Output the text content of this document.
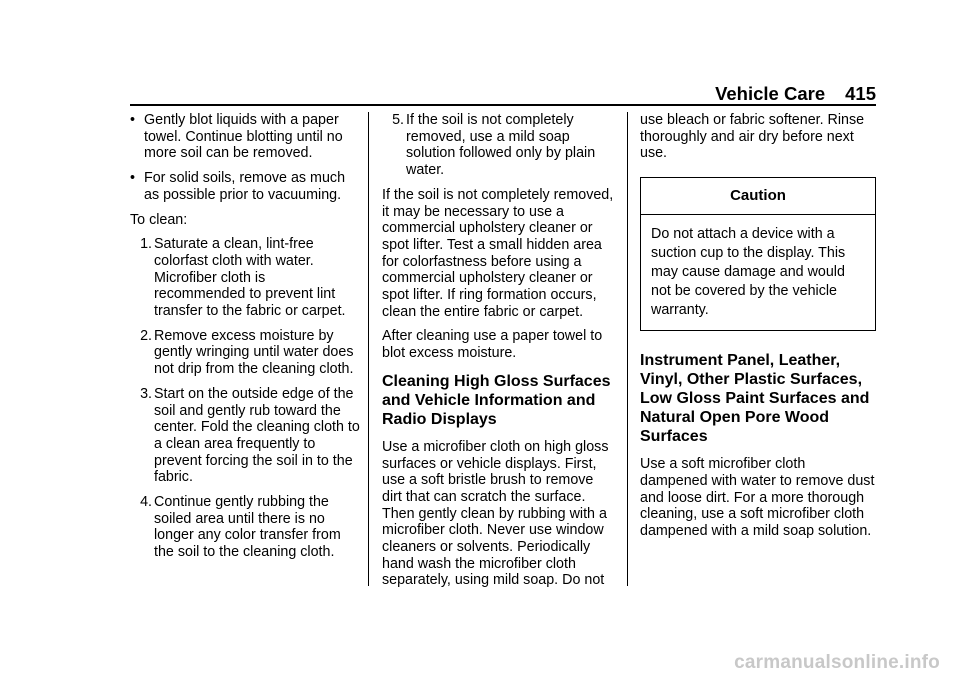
Vehicle Care 415
• Gently blot liquids with a paper towel. Continue blotting until no more soil can be removed.
• For solid soils, remove as much as possible prior to vacuuming.

To clean:

1. Saturate a clean, lint-free colorfast cloth with water. Microfiber cloth is recommended to prevent lint transfer to the fabric or carpet.
2. Remove excess moisture by gently wringing until water does not drip from the cleaning cloth.
3. Start on the outside edge of the soil and gently rub toward the center. Fold the cleaning cloth to a clean area frequently to prevent forcing the soil in to the fabric.
4. Continue gently rubbing the soiled area until there is no longer any color transfer from the soil to the cleaning cloth.
5. If the soil is not completely removed, use a mild soap solution followed only by plain water.

If the soil is not completely removed, it may be necessary to use a commercial upholstery cleaner or spot lifter. Test a small hidden area for colorfastness before using a commercial upholstery cleaner or spot lifter. If ring formation occurs, clean the entire fabric or carpet.

After cleaning use a paper towel to blot excess moisture.

Cleaning High Gloss Surfaces and Vehicle Information and Radio Displays

Use a microfiber cloth on high gloss surfaces or vehicle displays. First, use a soft bristle brush to remove dirt that can scratch the surface. Then gently clean by rubbing with a microfiber cloth. Never use window cleaners or solvents. Periodically hand wash the microfiber cloth separately, using mild soap. Do not

use bleach or fabric softener. Rinse thoroughly and air dry before next use.

Caution

Do not attach a device with a suction cup to the display. This may cause damage and would not be covered by the vehicle warranty.

Instrument Panel, Leather, Vinyl, Other Plastic Surfaces, Low Gloss Paint Surfaces and Natural Open Pore Wood Surfaces

Use a soft microfiber cloth dampened with water to remove dust and loose dirt. For a more thorough cleaning, use a soft microfiber cloth dampened with a mild soap solution.

carmanualsonline.info
